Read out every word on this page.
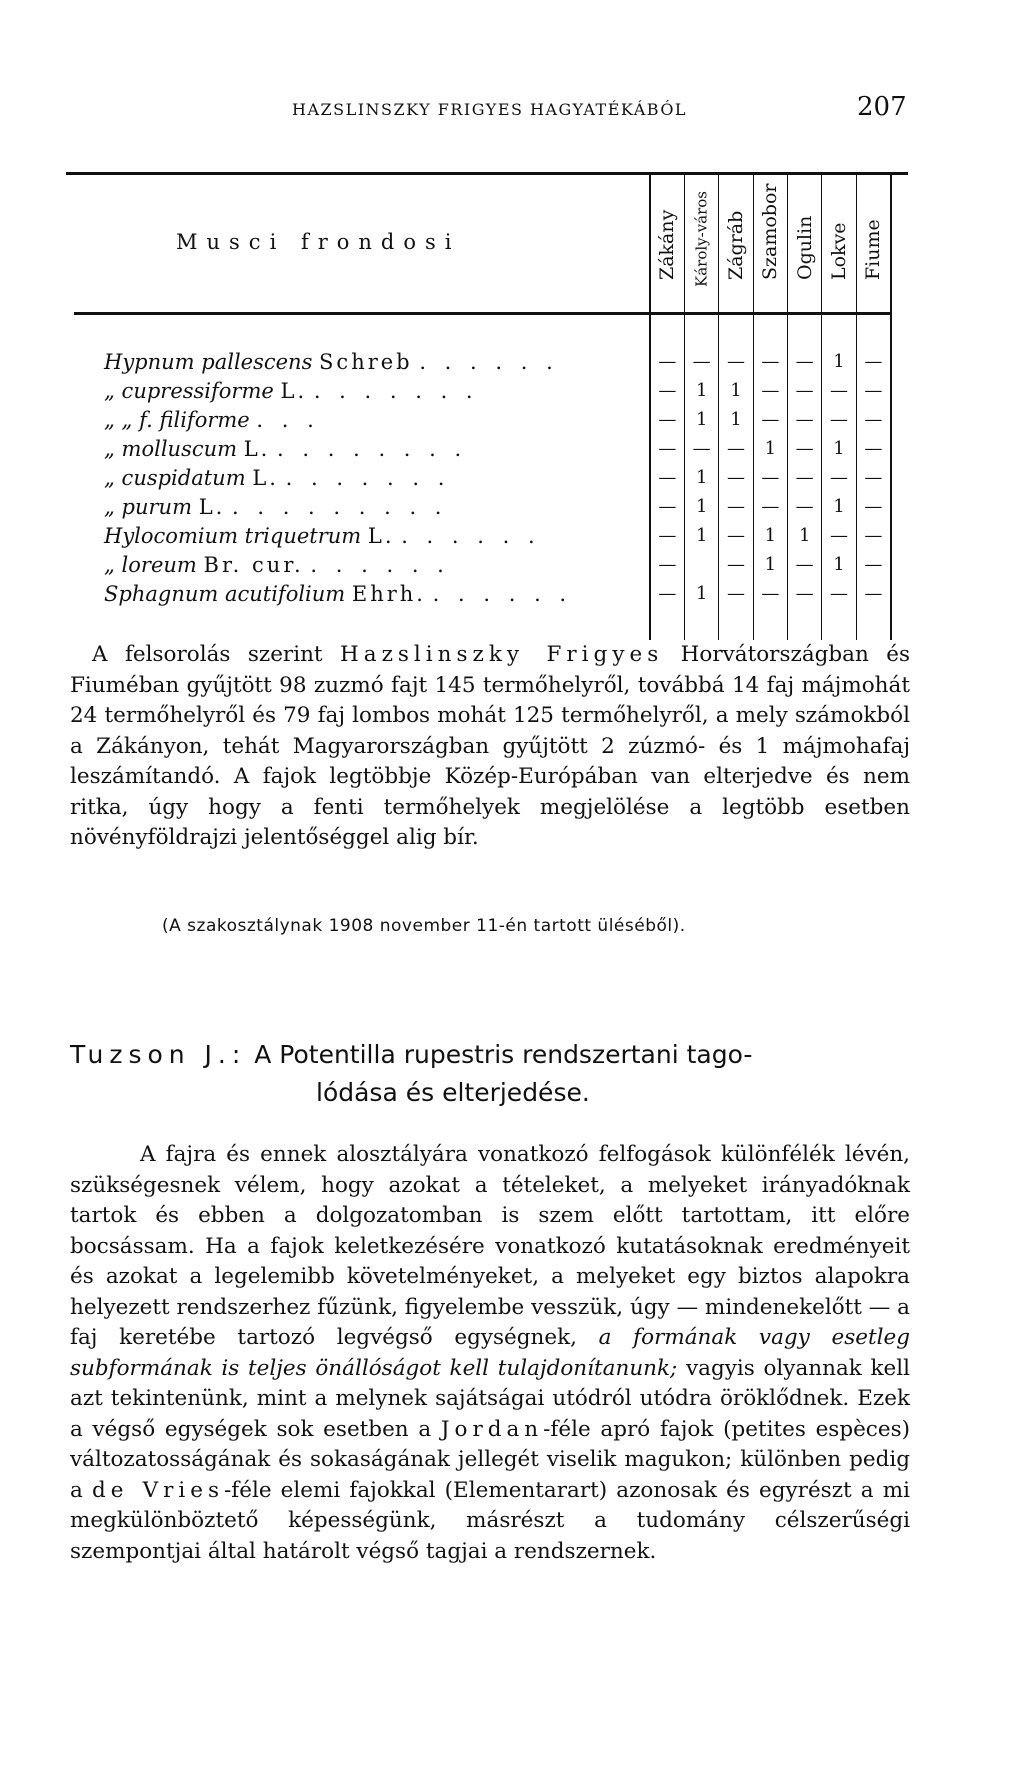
HAZSLINSZKY FRIGYES HAGYATÉKÁBÓL	207
Musci frondosi	Zákány	Károly-város	Zágráb	Szamobor	Ogulin	Lokve	Fiume

Hypnum pallescens Schreb . . . . . .	—	—	—	—	—	1	—
„ cupressiforme L. . . . . . . .	—	1	1	—	—	—	—
„ „ f. filiforme . . .	—	1	1	—	—	—	—
„ molluscum L. . . . . . . . .	—	—	—	1	—	1	—
„ cuspidatum L. . . . . . . .	—	1	—	—	—	—	—
„ purum L. . . . . . . . . .	—	1	—	—	—	1	—
Hylocomium triquetrum L. . . . . . .	—	1	—	1	1	—	—
„ loreum Br. cur. . . . . . .	—		—	1	—	1	—
Sphagnum acutifolium Ehrh. . . . . . .	—	1	—	—	—	—	—

A felsorolás szerint Hazslinszky Frigyes Horvátországban és Fiuméban gyűjtött 98 zuzmó fajt 145 termőhelyről, továbbá 14 faj májmohát 24 termőhelyről és 79 faj lombos mohát 125 termőhelyről, a mely számokból a Zákányon, tehát Magyarországban gyűjtött 2 zúzmó- és 1 májmohafaj leszámítandó. A fajok legtöbbje Közép-Európában van elterjedve és nem ritka, úgy hogy a fenti termőhelyek megjelölése a legtöbb esetben növényföldrajzi jelentőséggel alig bír.

(A szakosztálynak 1908 november 11-én tartott üléséből).
Tuzson J.: A Potentilla rupestris rendszertani tago-
lódása és elterjedése.

A fajra és ennek alosztályára vonatkozó felfogások különfélék lévén, szükségesnek vélem, hogy azokat a tételeket, a melyeket irányadóknak tartok és ebben a dolgozatomban is szem előtt tartottam, itt előre bocsássam. Ha a fajok keletkezésére vonatkozó kutatásoknak eredményeit és azokat a legelemibb követelményeket, a melyeket egy biztos alapokra helyezett rendszerhez fűzünk, figyelembe vesszük, úgy — mindenekelőtt — a faj keretébe tartozó legvégső egységnek, a formának vagy esetleg subformának is teljes önállóságot kell tulajdonítanunk; vagyis olyannak kell azt tekintenünk, mint a melynek sajátságai utódról utódra öröklődnek. Ezek a végső egységek sok esetben a Jordan-féle apró fajok (petites espèces) változatosságának és sokaságának jellegét viselik magukon; különben pedig a de Vries-féle elemi fajokkal (Elementarart) azonosak és egyrészt a mi megkülönböztető képességünk, másrészt a tudomány célszerűségi szempontjai által határolt végső tagjai a rendszernek.
